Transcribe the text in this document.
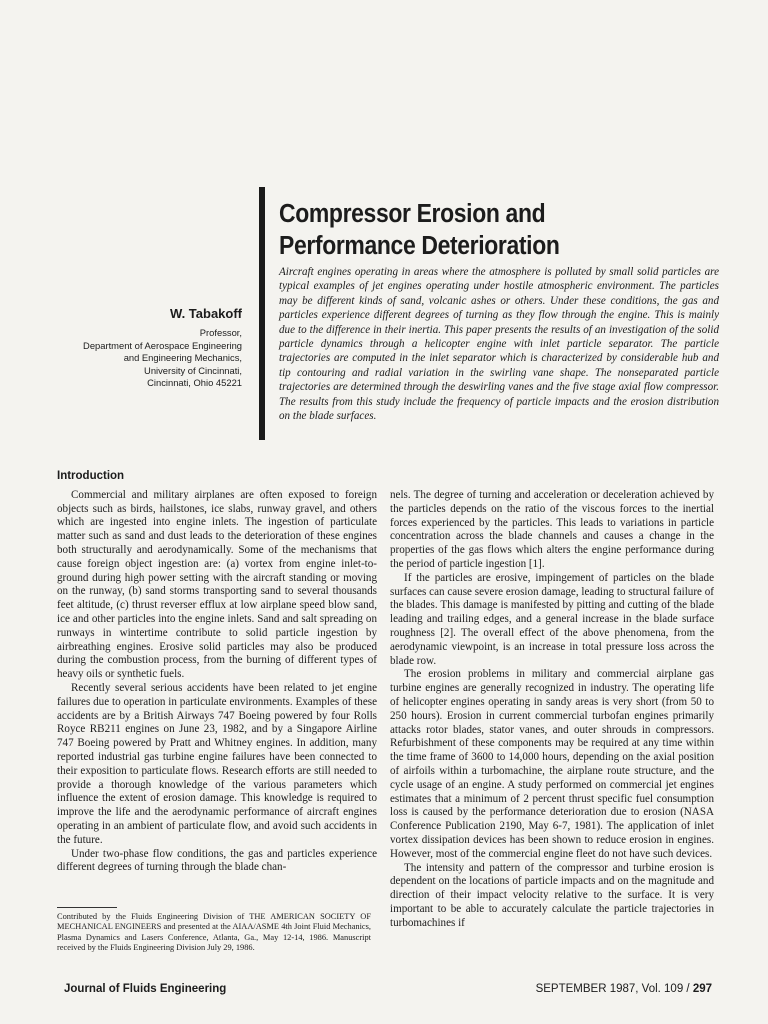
Compressor Erosion and
Performance Deterioration
Aircraft engines operating in areas where the atmosphere is polluted by small solid particles are typical examples of jet engines operating under hostile atmospheric environment. The particles may be different kinds of sand, volcanic ashes or others. Under these conditions, the gas and particles experience different degrees of turning as they flow through the engine. This is mainly due to the difference in their inertia. This paper presents the results of an investigation of the solid particle dynamics through a helicopter engine with inlet particle separator. The particle trajectories are computed in the inlet separator which is characterized by considerable hub and tip contouring and radial variation in the swirling vane shape. The nonseparated particle trajectories are determined through the deswirling vanes and the five stage axial flow compressor. The results from this study include the frequency of particle impacts and the erosion distribution on the blade surfaces.
W. Tabakoff
Professor,
Department of Aerospace Engineering
and Engineering Mechanics,
University of Cincinnati,
Cincinnati, Ohio 45221
Introduction

Commercial and military airplanes are often exposed to foreign objects such as birds, hailstones, ice slabs, runway gravel, and others which are ingested into engine inlets. The ingestion of particulate matter such as sand and dust leads to the deterioration of these engines both structurally and aerodynamically. Some of the mechanisms that cause foreign object ingestion are: (a) vortex from engine inlet-to-ground during high power setting with the aircraft standing or moving on the runway, (b) sand storms transporting sand to several thousands feet altitude, (c) thrust reverser efflux at low airplane speed blow sand, ice and other particles into the engine inlets. Sand and salt spreading on runways in wintertime contribute to solid particle ingestion by airbreathing engines. Erosive solid particles may also be produced during the combustion process, from the burning of different types of heavy oils or synthetic fuels.

Recently several serious accidents have been related to jet engine failures due to operation in particulate environments. Examples of these accidents are by a British Airways 747 Boeing powered by four Rolls Royce RB211 engines on June 23, 1982, and by a Singapore Airline 747 Boeing powered by Pratt and Whitney engines. In addition, many reported industrial gas turbine engine failures have been connected to their exposition to particulate flows. Research efforts are still needed to provide a thorough knowledge of the various parameters which influence the extent of erosion damage. This knowledge is required to improve the life and the aerodynamic performance of aircraft engines operating in an ambient of particulate flow, and avoid such accidents in the future.

Under two-phase flow conditions, the gas and particles experience different degrees of turning through the blade chan-

nels. The degree of turning and acceleration or deceleration achieved by the particles depends on the ratio of the viscous forces to the inertial forces experienced by the particles. This leads to variations in particle concentration across the blade channels and causes a change in the properties of the gas flows which alters the engine performance during the period of particle ingestion [1].

If the particles are erosive, impingement of particles on the blade surfaces can cause severe erosion damage, leading to structural failure of the blades. This damage is manifested by pitting and cutting of the blade leading and trailing edges, and a general increase in the blade surface roughness [2]. The overall effect of the above phenomena, from the aerodynamic viewpoint, is an increase in total pressure loss across the blade row.

The erosion problems in military and commercial airplane gas turbine engines are generally recognized in industry. The operating life of helicopter engines operating in sandy areas is very short (from 50 to 250 hours). Erosion in current commercial turbofan engines primarily attacks rotor blades, stator vanes, and outer shrouds in compressors. Refurbishment of these components may be required at any time within the time frame of 3600 to 14,000 hours, depending on the axial position of airfoils within a turbomachine, the airplane route structure, and the cycle usage of an engine. A study performed on commercial jet engines estimates that a minimum of 2 percent thrust specific fuel consumption loss is caused by the performance deterioration due to erosion (NASA Conference Publication 2190, May 6-7, 1981). The application of inlet vortex dissipation devices has been shown to reduce erosion in engines. However, most of the commercial engine fleet do not have such devices.

The intensity and pattern of the compressor and turbine erosion is dependent on the locations of particle impacts and on the magnitude and direction of their impact velocity relative to the surface. It is very important to be able to accurately calculate the particle trajectories in turbomachines if

Contributed by the Fluids Engineering Division of THE AMERICAN SOCIETY OF MECHANICAL ENGINEERS and presented at the AIAA/ASME 4th Joint Fluid Mechanics, Plasma Dynamics and Lasers Conference, Atlanta, Ga., May 12-14, 1986. Manuscript received by the Fluids Engineering Division July 29, 1986.
Journal of Fluids Engineering	SEPTEMBER 1987, Vol. 109 / 297
